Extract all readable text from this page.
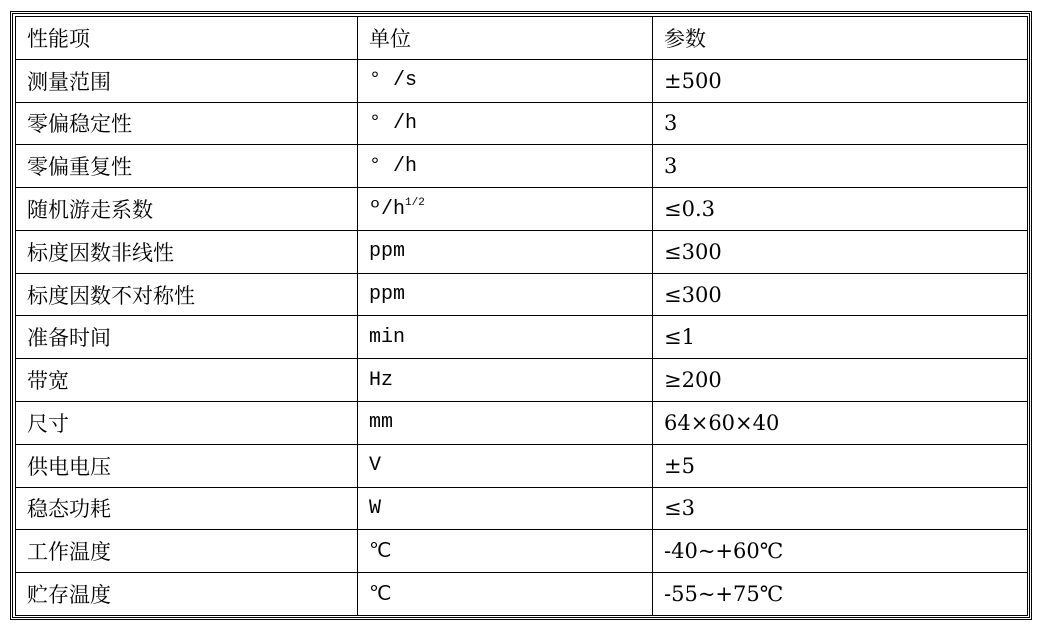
性能项	单位	参数
测量范围	° /s	±500
零偏稳定性	° /h	3
零偏重复性	° /h	3
随机游走系数	$º/h^{1/2}$	≤0.3
标度因数非线性	ppm	≤300
标度因数不对称性	ppm	≤300
准备时间	min	≤1
带宽	Hz	≥200
尺寸	mm	64×60×40
供电电压	V	±5
稳态功耗	W	≤3
工作温度	℃	-40~+60℃
贮存温度	℃	-55~+75℃
